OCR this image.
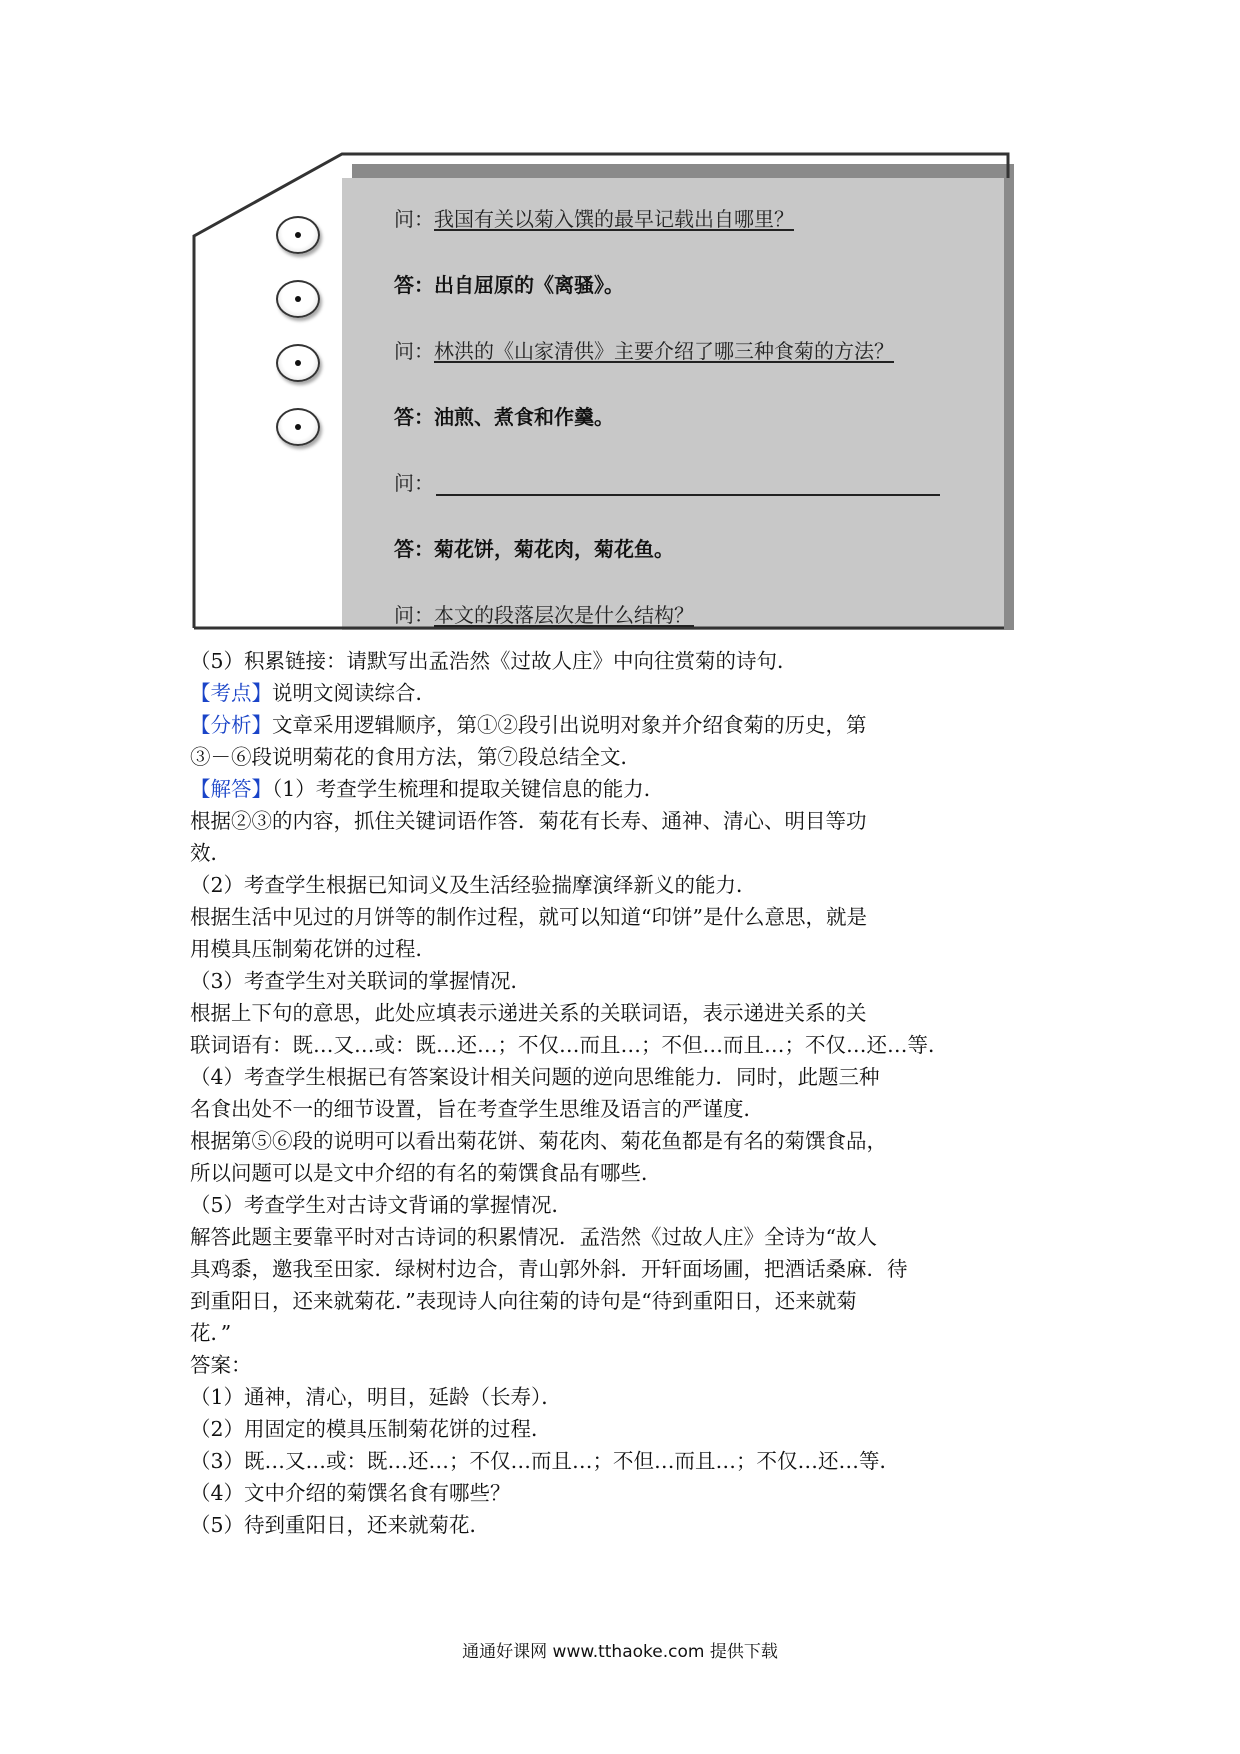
问：我国有关以菊入馔的最早记载出自哪里？
答：出自屈原的《离骚》。
问：林洪的《山家清供》主要介绍了哪三种食菊的方法？
答：油煎、煮食和作羹。
问：
答：菊花饼，菊花肉，菊花鱼。
问：本文的段落层次是什么结构？
（5）积累链接：请默写出孟浩然《过故人庄》中向往赏菊的诗句．
【考点】说明文阅读综合．
【分析】文章采用逻辑顺序，第①②段引出说明对象并介绍食菊的历史，第
③－⑥段说明菊花的食用方法，第⑦段总结全文．
【解答】（1）考查学生梳理和提取关键信息的能力．
根据②③的内容，抓住关键词语作答．菊花有长寿、通神、清心、明目等功
效．
（2）考查学生根据已知词义及生活经验揣摩演绎新义的能力．
根据生活中见过的月饼等的制作过程，就可以知道“印饼”是什么意思，就是
用模具压制菊花饼的过程．
（3）考查学生对关联词的掌握情况．
根据上下句的意思，此处应填表示递进关系的关联词语，表示递进关系的关
联词语有：既…又…或：既…还…；不仅…而且…；不但…而且…；不仅…还…等．
（4）考查学生根据已有答案设计相关问题的逆向思维能力．同时，此题三种
名食出处不一的细节设置，旨在考查学生思维及语言的严谨度．
根据第⑤⑥段的说明可以看出菊花饼、菊花肉、菊花鱼都是有名的菊馔食品，
所以问题可以是文中介绍的有名的菊馔食品有哪些．
（5）考查学生对古诗文背诵的掌握情况．
解答此题主要靠平时对古诗词的积累情况．孟浩然《过故人庄》全诗为“故人
具鸡黍，邀我至田家．绿树村边合，青山郭外斜．开轩面场圃，把酒话桑麻．待
到重阳日，还来就菊花．”表现诗人向往菊的诗句是“待到重阳日，还来就菊
花．”
答案：
（1）通神，清心，明目，延龄（长寿）．
（2）用固定的模具压制菊花饼的过程．
（3）既…又…或：既…还…；不仅…而且…；不但…而且…；不仅…还…等．
（4）文中介绍的菊馔名食有哪些？
（5）待到重阳日，还来就菊花．
通通好课网 www.tthaoke.com 提供下载
